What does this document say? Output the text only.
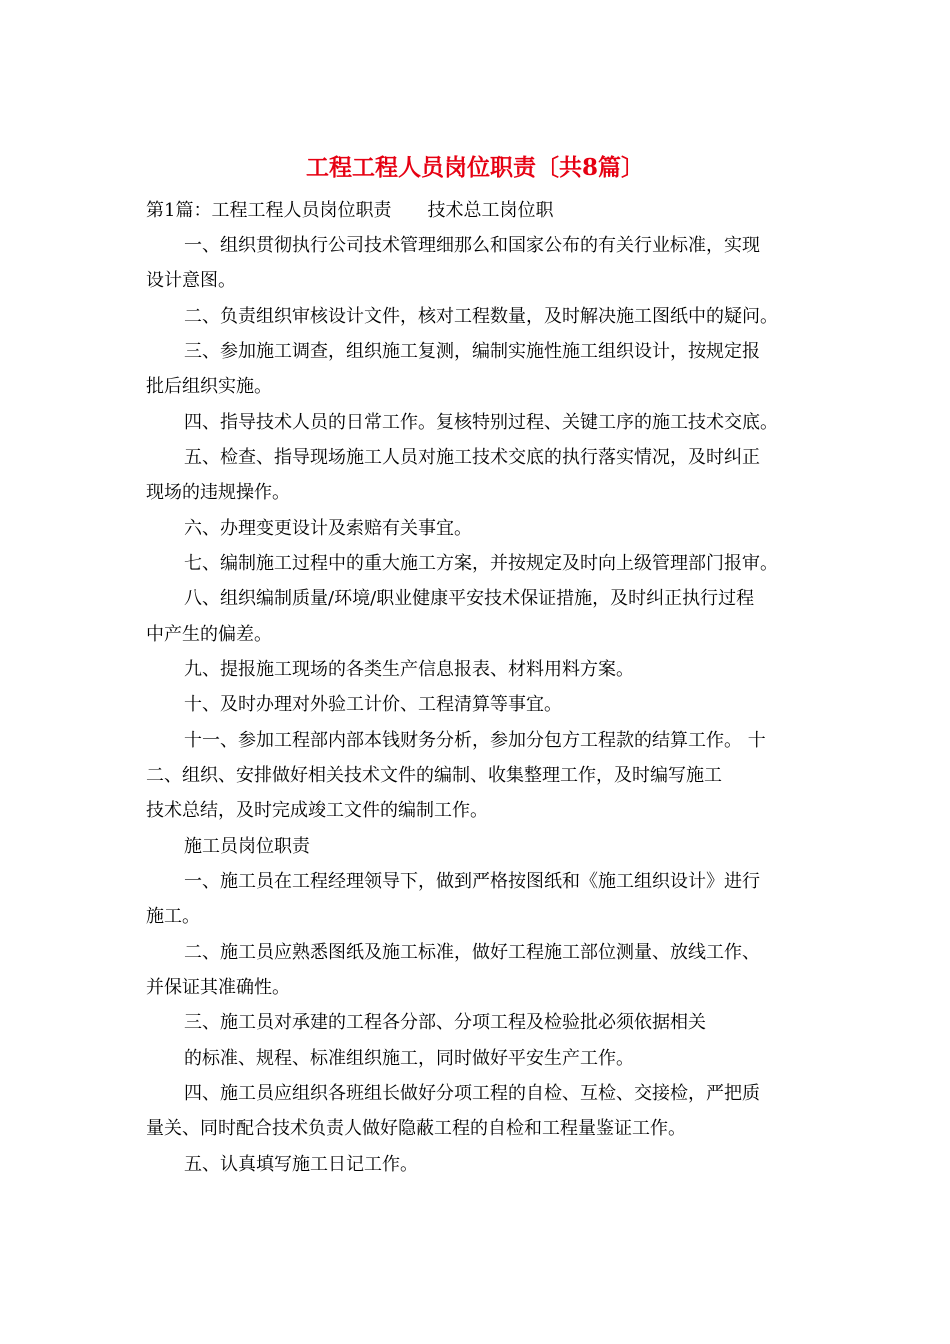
工程工程人员岗位职责〔共8篇〕

第1篇：工程工程人员岗位职责 技术总工岗位职

一、组织贯彻执行公司技术管理细那么和国家公布的有关行业标准，实现

设计意图。

二、负责组织审核设计文件，核对工程数量，及时解决施工图纸中的疑问。

三、参加施工调查，组织施工复测，编制实施性施工组织设计，按规定报

批后组织实施。

四、指导技术人员的日常工作。复核特别过程、关键工序的施工技术交底。

五、检查、指导现场施工人员对施工技术交底的执行落实情况，及时纠正

现场的违规操作。

六、办理变更设计及索赔有关事宜。

七、编制施工过程中的重大施工方案，并按规定及时向上级管理部门报审。

八、组织编制质量/环境/职业健康平安技术保证措施，及时纠正执行过程

中产生的偏差。

九、提报施工现场的各类生产信息报表、材料用料方案。

十、及时办理对外验工计价、工程清算等事宜。

十一、参加工程部内部本钱财务分析，参加分包方工程款的结算工作。 十

二、组织、安排做好相关技术文件的编制、收集整理工作，及时编写施工

技术总结，及时完成竣工文件的编制工作。

施工员岗位职责

一、施工员在工程经理领导下，做到严格按图纸和《施工组织设计》进行

施工。

二、施工员应熟悉图纸及施工标准，做好工程施工部位测量、放线工作、

并保证其准确性。

三、施工员对承建的工程各分部、分项工程及检验批必须依据相关

的标准、规程、标准组织施工，同时做好平安生产工作。

四、施工员应组织各班组长做好分项工程的自检、互检、交接检，严把质

量关、同时配合技术负责人做好隐蔽工程的自检和工程量鉴证工作。

五、认真填写施工日记工作。
